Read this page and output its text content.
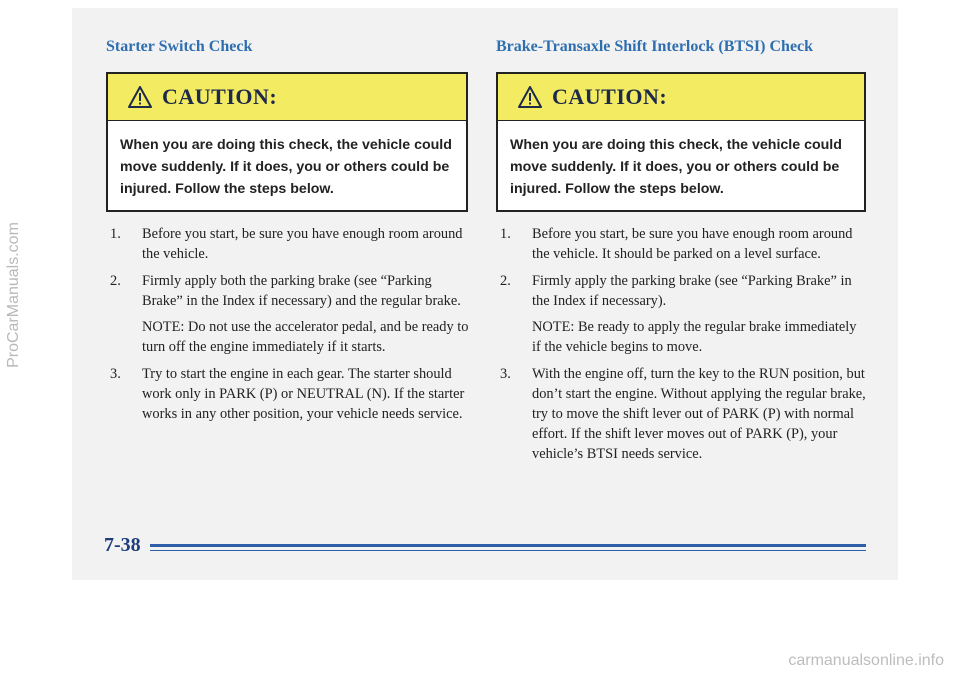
Starter Switch Check
CAUTION:
When you are doing this check, the vehicle could move suddenly. If it does, you or others could be injured. Follow the steps below.
1. Before you start, be sure you have enough room around the vehicle.
2. Firmly apply both the parking brake (see “Parking Brake” in the Index if necessary) and the regular brake.
NOTE: Do not use the accelerator pedal, and be ready to turn off the engine immediately if it starts.
3. Try to start the engine in each gear. The starter should work only in PARK (P) or NEUTRAL (N). If the starter works in any other position, your vehicle needs service.
Brake-Transaxle Shift Interlock (BTSI) Check
CAUTION:
When you are doing this check, the vehicle could move suddenly. If it does, you or others could be injured. Follow the steps below.
1. Before you start, be sure you have enough room around the vehicle. It should be parked on a level surface.
2. Firmly apply the parking brake (see “Parking Brake” in the Index if necessary).
NOTE: Be ready to apply the regular brake immediately if the vehicle begins to move.
3. With the engine off, turn the key to the RUN position, but don’t start the engine. Without applying the regular brake, try to move the shift lever out of PARK (P) with normal effort. If the shift lever moves out of PARK (P), your vehicle’s BTSI needs service.
7-38
ProCarManuals.com
carmanualsonline.info
